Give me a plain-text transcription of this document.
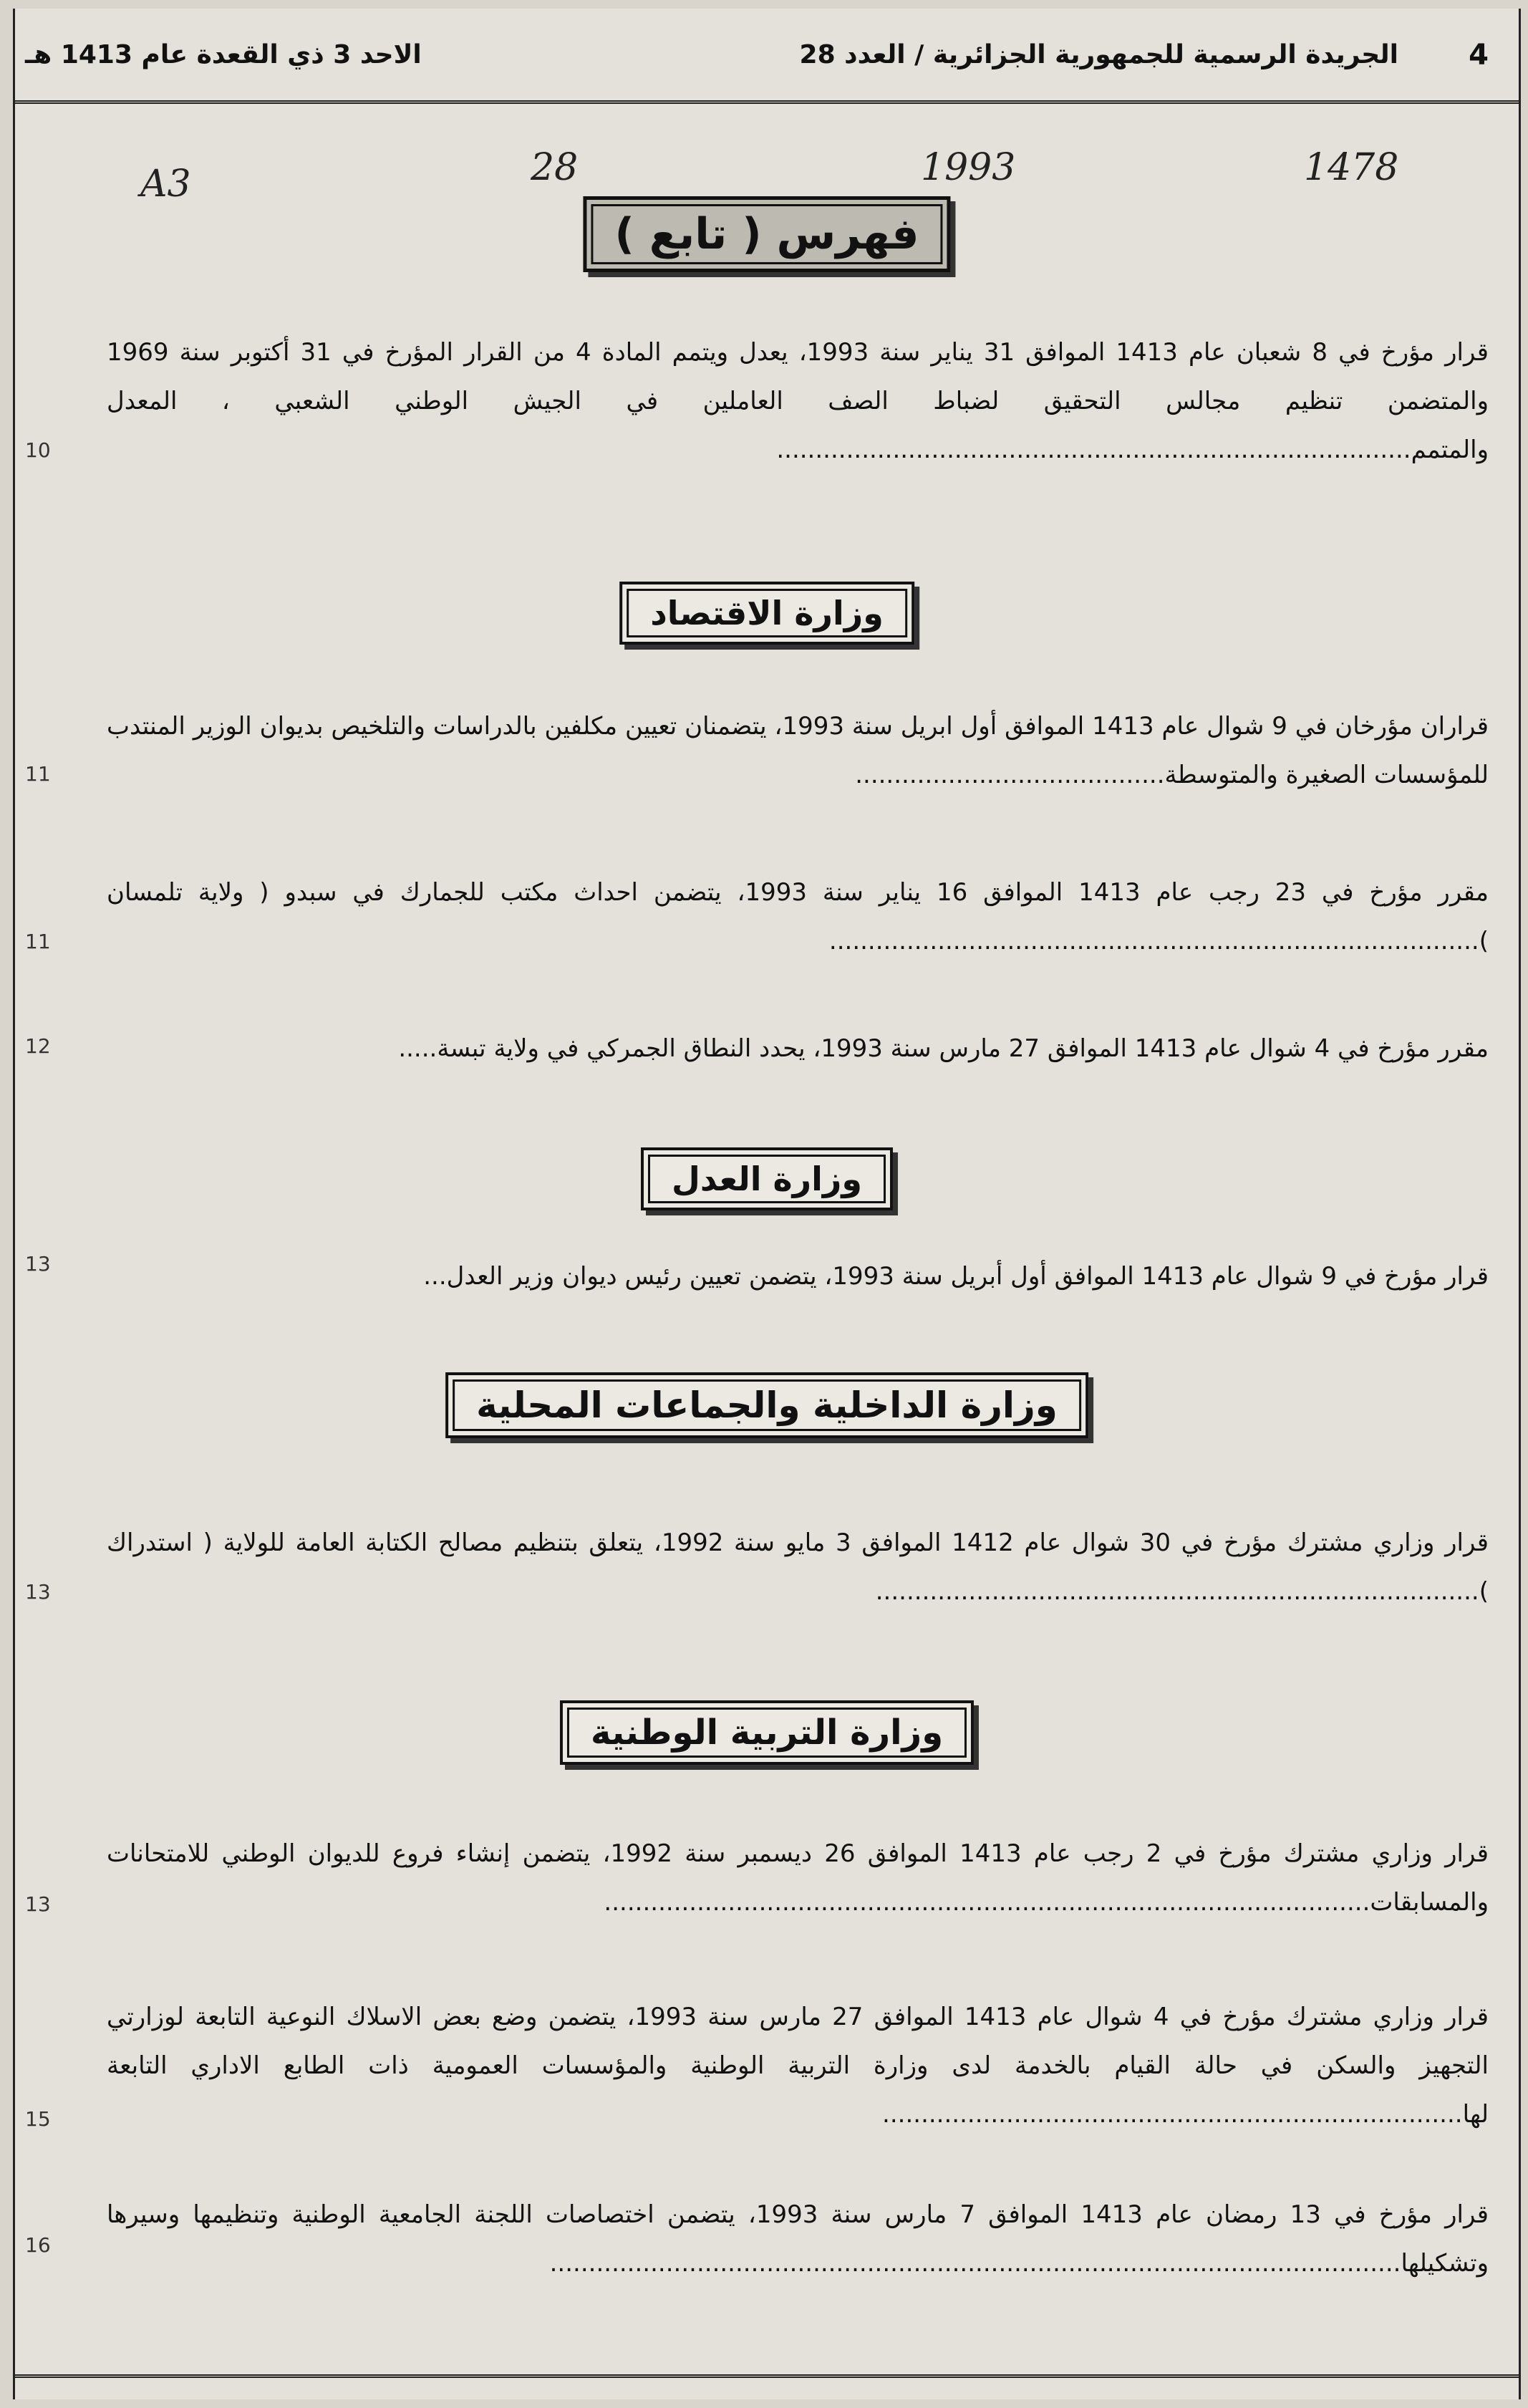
4
الجريدة الرسمية للجمهورية الجزائرية / العدد 28
الاحد 3 ذي القعدة عام 1413 هـ
A3	28	1993	1478
فهرس ( تابع )
قرار مؤرخ في 8 شعبان عام 1413 الموافق 31 يناير سنة 1993، يعدل ويتمم المادة 4 من القرار المؤرخ في 31 أكتوبر سنة 1969 والمتضمن تنظيم مجالس التحقيق لضباط الصف العاملين في الجيش الوطني الشعبي ، المعدل والمتمم..................................................................................
10
وزارة الاقتصاد
قراران مؤرخان في 9 شوال عام 1413 الموافق أول ابريل سنة 1993، يتضمنان تعيين مكلفين بالدراسات والتلخيص بديوان الوزير المنتدب للمؤسسات الصغيرة والمتوسطة........................................
11
مقرر مؤرخ في 23 رجب عام 1413 الموافق 16 يناير سنة 1993، يتضمن احداث مكتب للجمارك في سبدو ( ولاية تلمسان )....................................................................................
11
مقرر مؤرخ في 4 شوال عام 1413 الموافق 27 مارس سنة 1993، يحدد النطاق الجمركي في ولاية تبسة.....
12
وزارة العدل
قرار مؤرخ في 9 شوال عام 1413 الموافق أول أبريل سنة 1993، يتضمن تعيين رئيس ديوان وزير العدل...
13
وزارة الداخلية والجماعات المحلية
قرار وزاري مشترك مؤرخ في 30 شوال عام 1412 الموافق 3 مايو سنة 1992، يتعلق بتنظيم مصالح الكتابة العامة للولاية ( استدراك )..............................................................................
13
وزارة التربية الوطنية
قرار وزاري مشترك مؤرخ في 2 رجب عام 1413 الموافق 26 ديسمبر سنة 1992، يتضمن إنشاء فروع للديوان الوطني للامتحانات والمسابقات...................................................................................................
13
قرار وزاري مشترك مؤرخ في 4 شوال عام 1413 الموافق 27 مارس سنة 1993، يتضمن وضع بعض الاسلاك النوعية التابعة لوزارتي التجهيز والسكن في حالة القيام بالخدمة لدى وزارة التربية الوطنية والمؤسسات العمومية ذات الطابع الاداري التابعة لها...........................................................................
15
قرار مؤرخ في 13 رمضان عام 1413 الموافق 7 مارس سنة 1993، يتضمن اختصاصات اللجنة الجامعية الوطنية وتنظيمها وسيرها وتشكيلها..............................................................................................................
16
